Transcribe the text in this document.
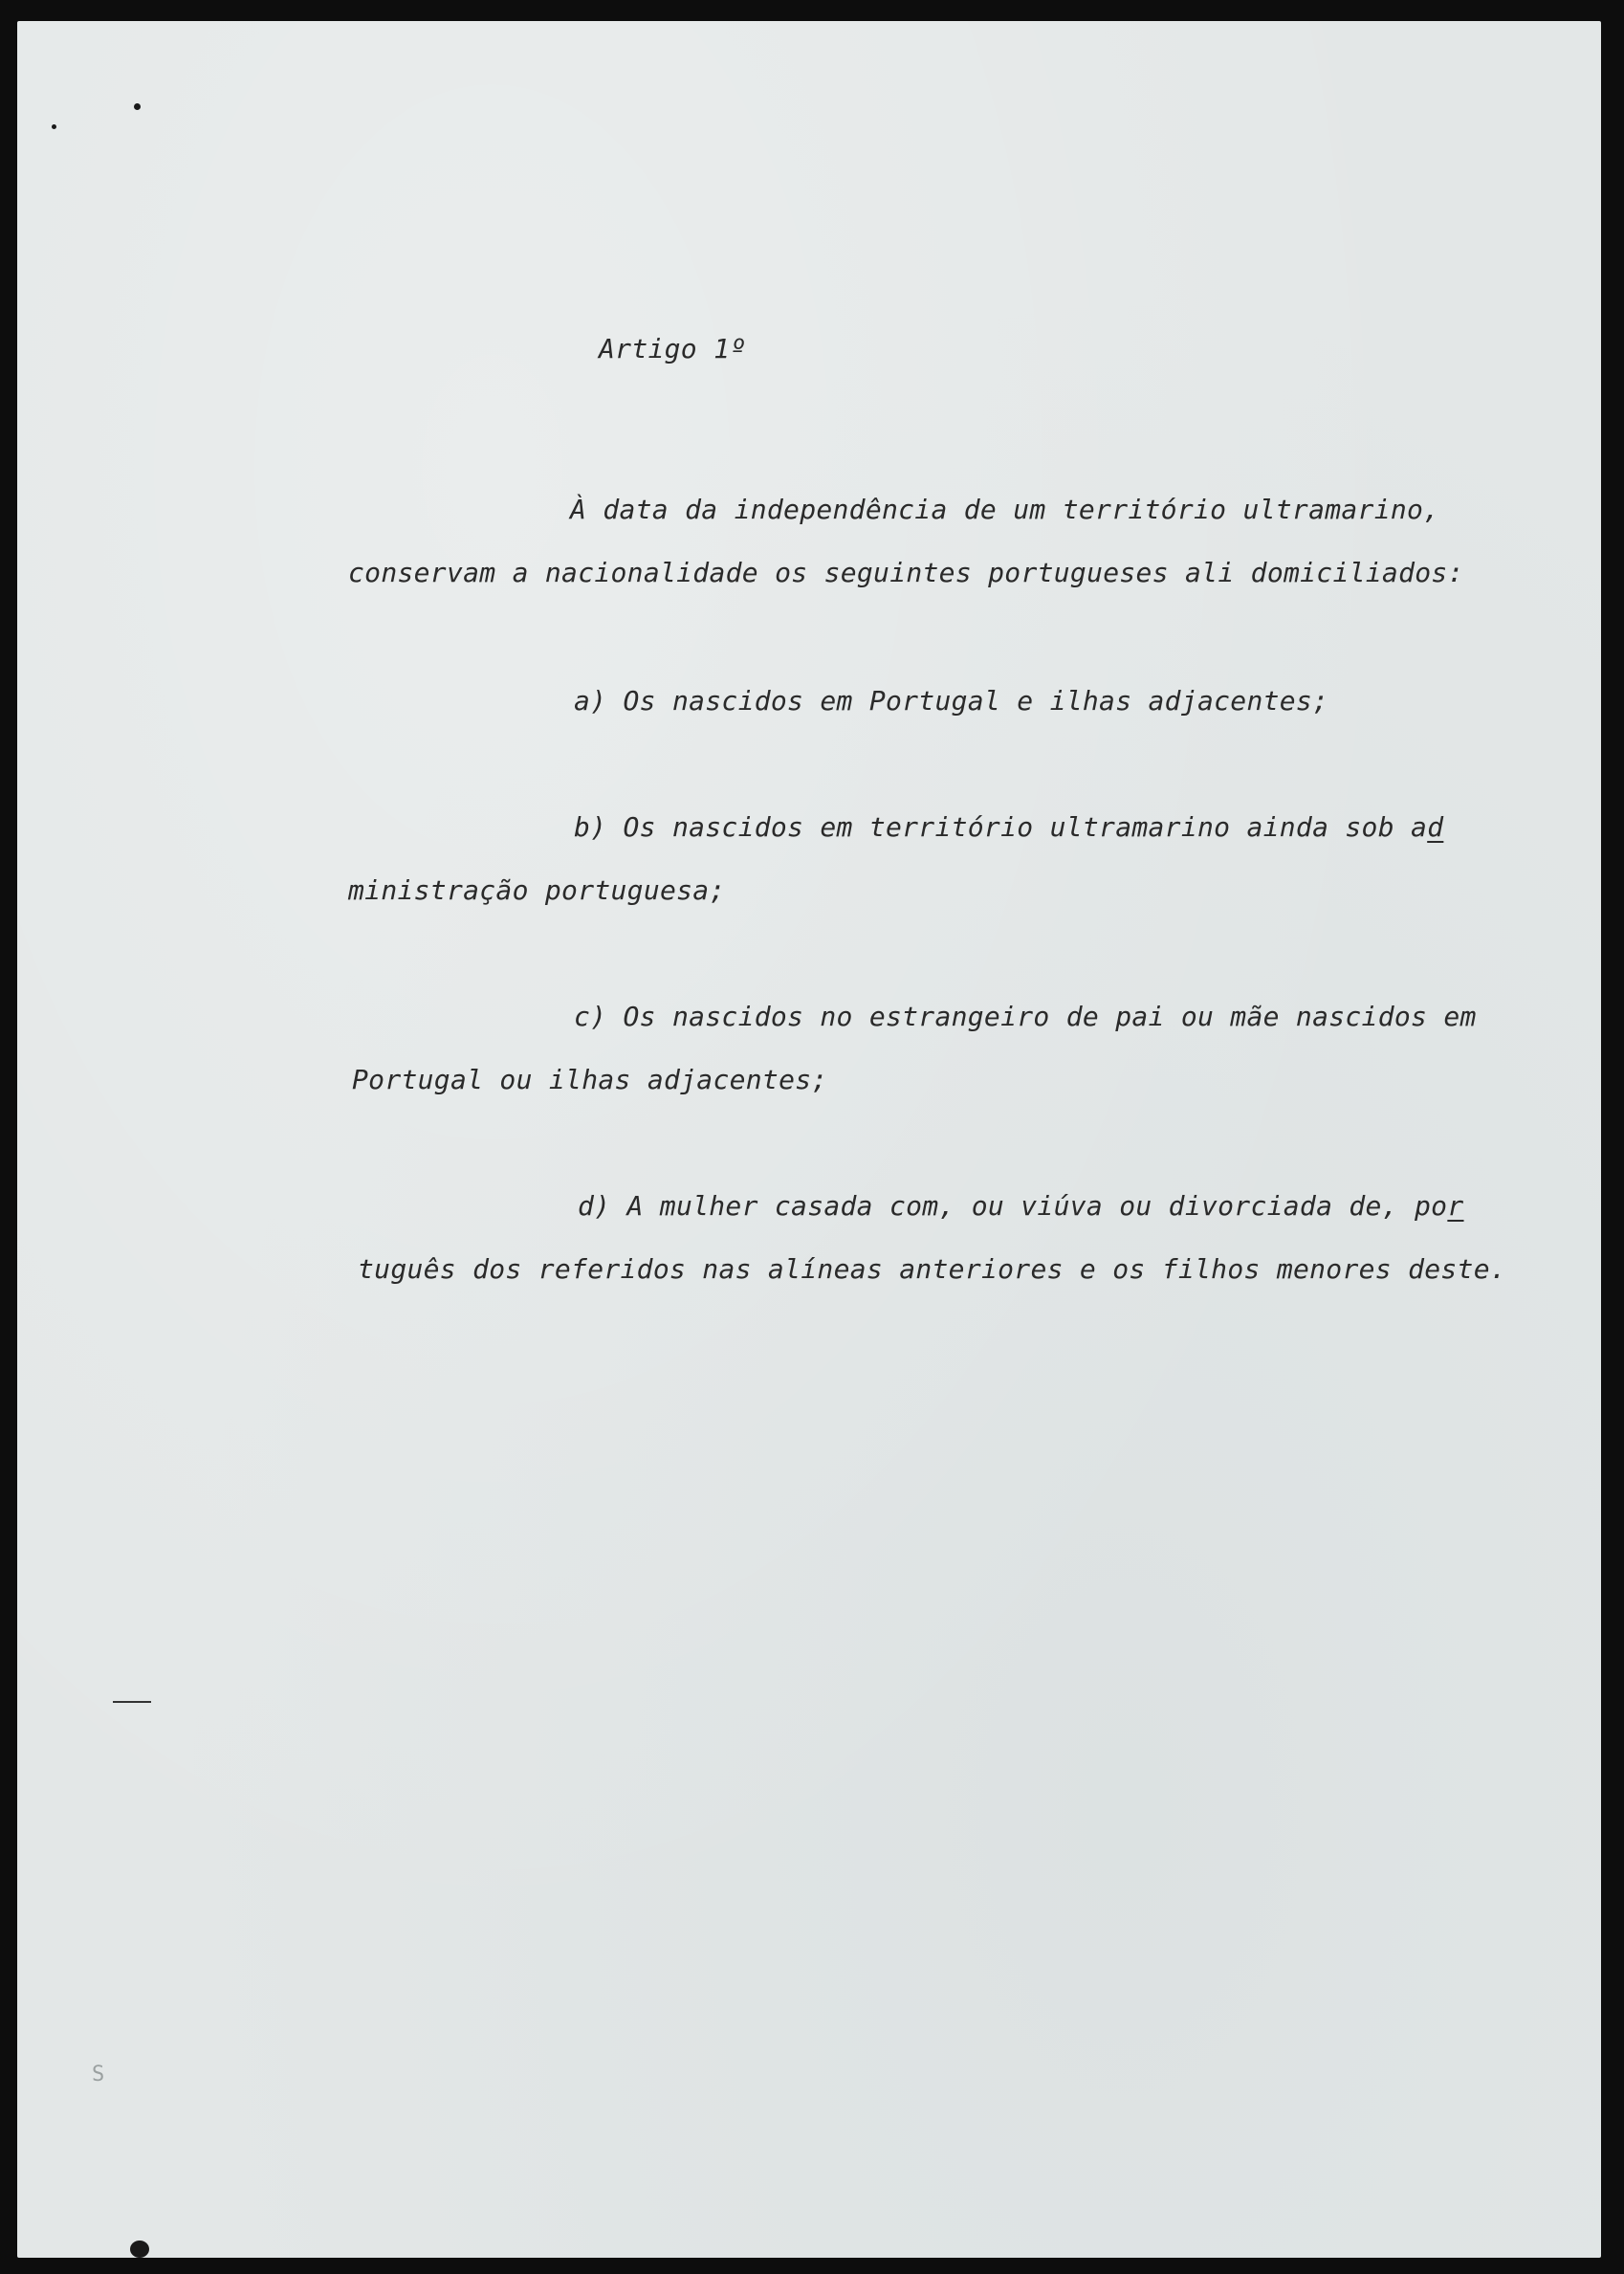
Artigo 1º
À data da independência de um território ultramarino,
conservam a nacionalidade os seguintes portugueses ali domiciliados:
a) Os nascidos em Portugal e ilhas adjacentes;
b) Os nascidos em território ultramarino ainda sob ad
ministração portuguesa;
c) Os nascidos no estrangeiro de pai ou mãe nascidos em
Portugal ou ilhas adjacentes;
d) A mulher casada com, ou viúva ou divorciada de, por
tuguês dos referidos nas alíneas anteriores e os filhos menores deste.
S
